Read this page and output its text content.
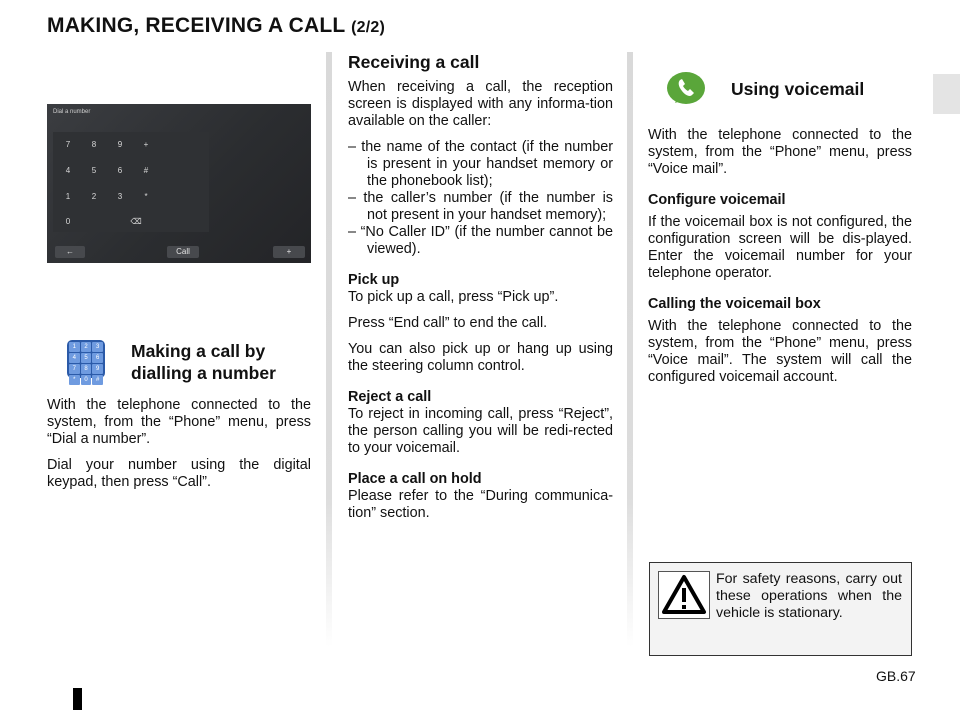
MAKING, RECEIVING A CALL (2/2)
Dial a number
7	8	9	+
4	5	6	#
1	2	3	*
0	⌫
←	Call	+
1	2	3
4	5	6
7	8	9
*	0	#
Making a call by dialling a number

With the telephone connected to the system, from the “Phone” menu, press “Dial a number”.

Dial your number using the digital keypad, then press “Call”.

Receiving a call

When receiving a call, the reception screen is displayed with any informa-tion available on the caller:

– the name of the contact (if the number is present in your handset memory or the phonebook list);

– the caller’s number (if the number is not present in your handset memory);

– “No Caller ID” (if the number cannot be viewed).

Pick up

To pick up a call, press “Pick up”.

Press “End call” to end the call.

You can also pick up or hang up using the steering column control.

Reject a call

To reject in incoming call, press “Reject”, the person calling you will be redi-rected to your voicemail.

Place a call on hold

Please refer to the “During communica-tion” section.

Using voicemail

With the telephone connected to the system, from the “Phone” menu, press “Voice mail”.

Configure voicemail

If the voicemail box is not configured, the configuration screen will be dis-played. Enter the voicemail number for your telephone operator.

Calling the voicemail box

With the telephone connected to the system, from the “Phone” menu, press “Voice mail”. The system will call the configured voicemail account.

For safety reasons, carry out these operations when the vehicle is stationary.
GB.67
